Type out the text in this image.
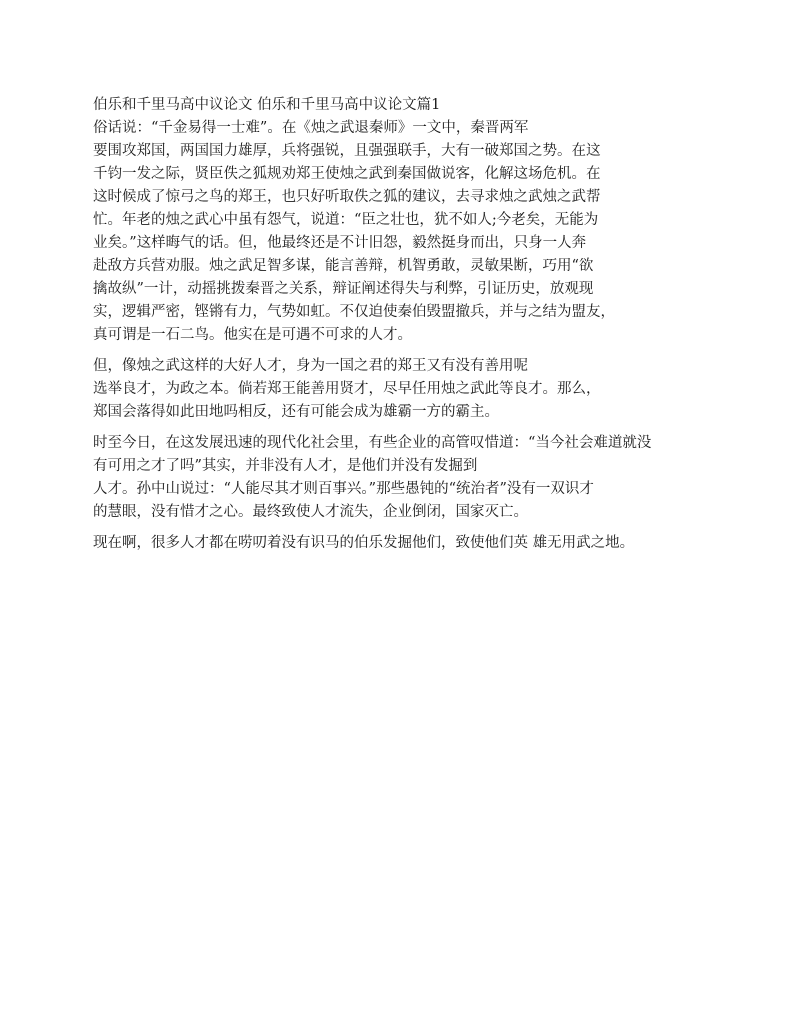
伯乐和千里马高中议论文 伯乐和千里马高中议论文篇1
俗话说：“千金易得一士难”。在《烛之武退秦师》一文中，秦晋两军
要围攻郑国，两国国力雄厚，兵将强锐，且强强联手，大有一破郑国之势。在这
千钧一发之际，贤臣佚之狐规劝郑王使烛之武到秦国做说客，化解这场危机。在
这时候成了惊弓之鸟的郑王，也只好听取佚之狐的建议，去寻求烛之武烛之武帮
忙。年老的烛之武心中虽有怨气，说道：“臣之壮也，犹不如人;今老矣，无能为
业矣。”这样晦气的话。但，他最终还是不计旧怨，毅然挺身而出，只身一人奔
赴敌方兵营劝服。烛之武足智多谋，能言善辩，机智勇敢，灵敏果断，巧用“欲
擒故纵”一计，动摇挑拨秦晋之关系，辩证阐述得失与利弊，引证历史，放观现
实，逻辑严密，铿锵有力，气势如虹。不仅迫使秦伯毁盟撤兵，并与之结为盟友，
真可谓是一石二鸟。他实在是可遇不可求的人才。
但，像烛之武这样的大好人才，身为一国之君的郑王又有没有善用呢
选举良才，为政之本。倘若郑王能善用贤才，尽早任用烛之武此等良才。那么，
郑国会落得如此田地吗相反，还有可能会成为雄霸一方的霸主。
时至今日，在这发展迅速的现代化社会里，有些企业的高管叹惜道：“当今社会难道就没
有可用之才了吗”其实，并非没有人才，是他们并没有发掘到
人才。孙中山说过：“人能尽其才则百事兴。”那些愚钝的“统治者”没有一双识才
的慧眼，没有惜才之心。最终致使人才流失，企业倒闭，国家灭亡。
现在啊，很多人才都在唠叨着没有识马的伯乐发掘他们，致使他们英 雄无用武之地。
